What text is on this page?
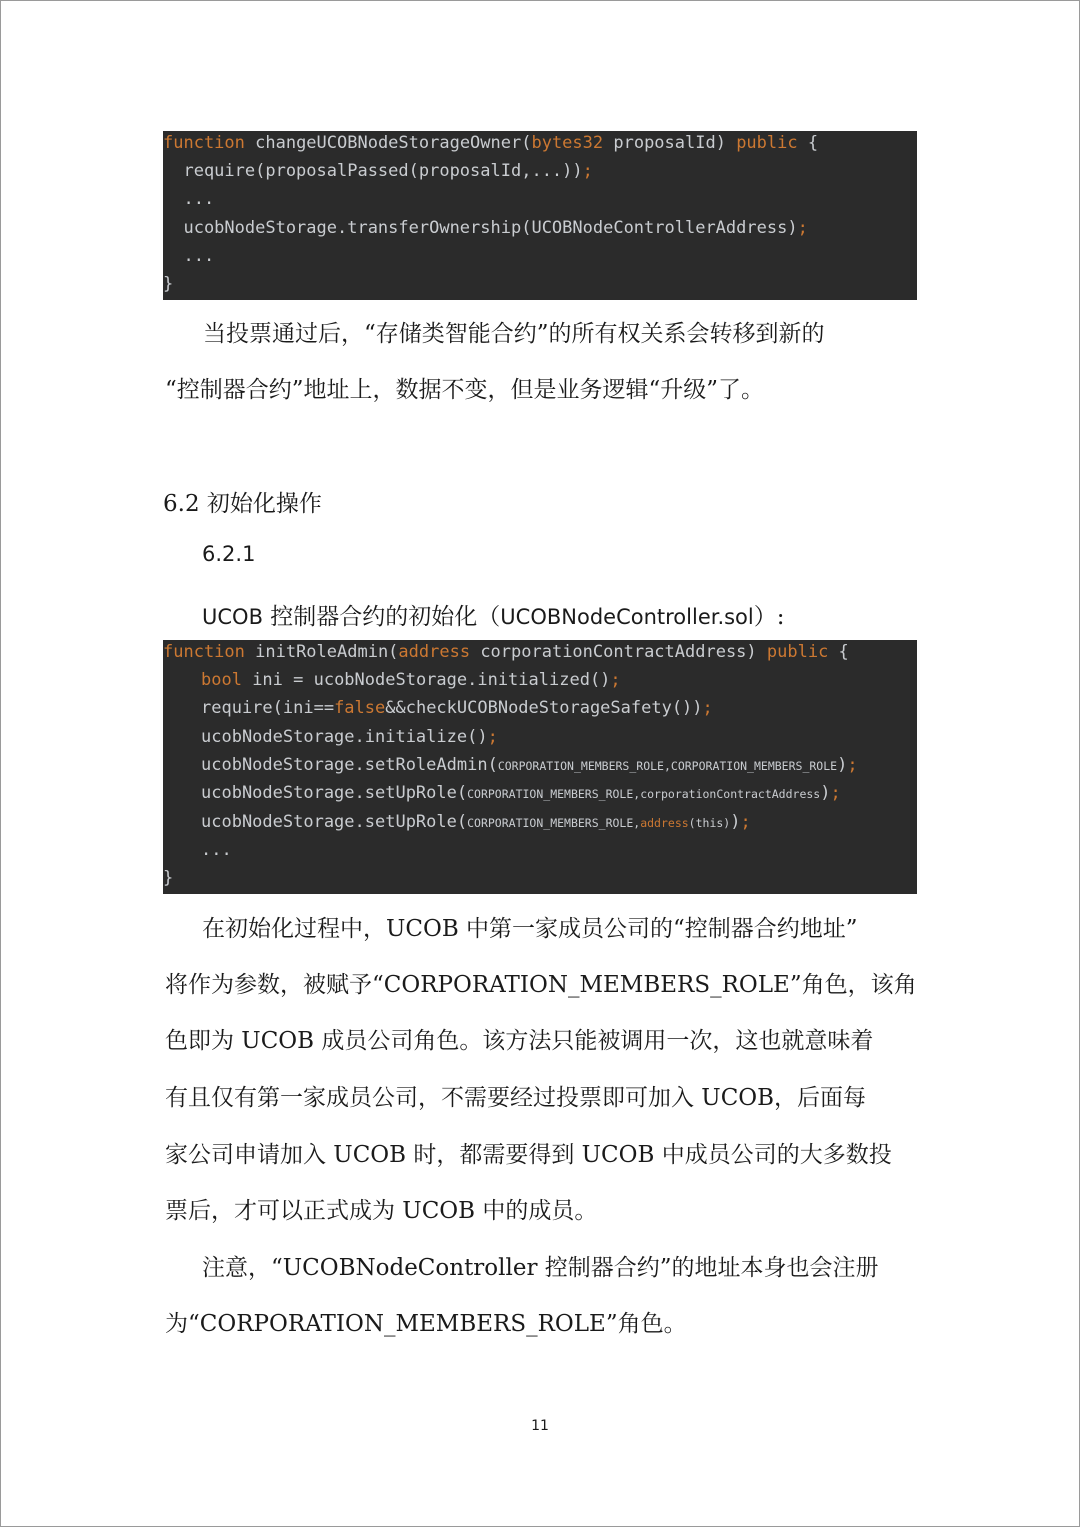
function changeUCOBNodeStorageOwner(bytes32 proposalId) public {
require(proposalPassed(proposalId,...));
...
ucobNodeStorage.transferOwnership(UCOBNodeControllerAddress);
...
}
当投票通过后，“存储类智能合约”的所有权关系会转移到新的
“控制器合约”地址上，数据不变，但是业务逻辑“升级”了。
6.2 初始化操作
6.2.1
UCOB 控制器合约的初始化（UCOBNodeController.sol）:
function initRoleAdmin(address corporationContractAddress) public {
bool ini = ucobNodeStorage.initialized();
require(ini==false&&checkUCOBNodeStorageSafety());
ucobNodeStorage.initialize();
ucobNodeStorage.setRoleAdmin(CORPORATION_MEMBERS_ROLE,CORPORATION_MEMBERS_ROLE);
ucobNodeStorage.setUpRole(CORPORATION_MEMBERS_ROLE,corporationContractAddress);
ucobNodeStorage.setUpRole(CORPORATION_MEMBERS_ROLE,address(this));
...
}
在初始化过程中，UCOB 中第一家成员公司的“控制器合约地址”
将作为参数，被赋予“CORPORATION_MEMBERS_ROLE”角色，该角
色即为 UCOB 成员公司角色。该方法只能被调用一次，这也就意味着
有且仅有第一家成员公司，不需要经过投票即可加入 UCOB，后面每
家公司申请加入 UCOB 时，都需要得到 UCOB 中成员公司的大多数投
票后，才可以正式成为 UCOB 中的成员。
注意，“UCOBNodeController 控制器合约”的地址本身也会注册
为“CORPORATION_MEMBERS_ROLE”角色。
11
